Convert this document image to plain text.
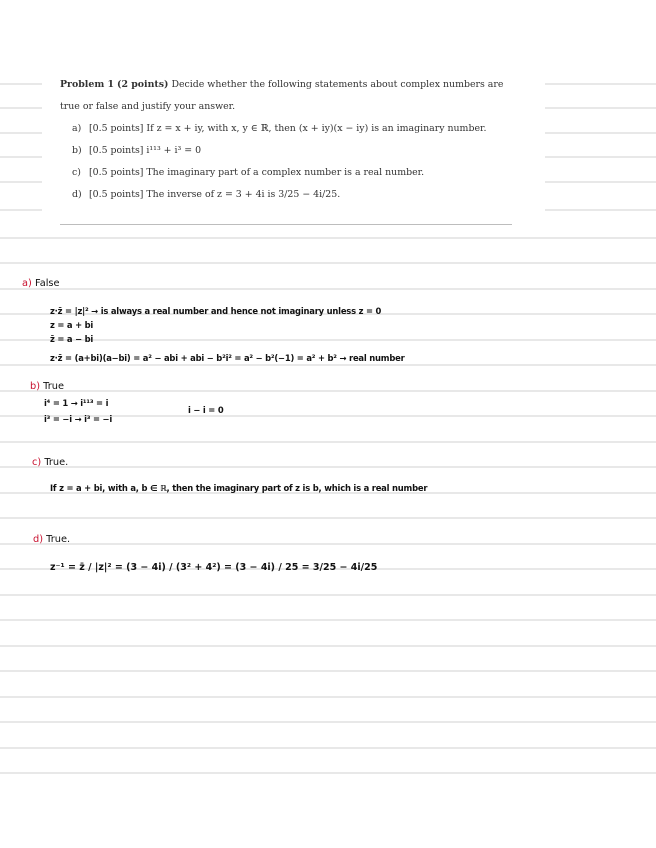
Problem 1 (2 points) Decide whether the following statements about complex numbers are
true or false and justify your answer.
a) [0.5 points] If z = x + iy, with x, y ∈ ℝ, then (x + iy)(x − iy) is an imaginary number.
b) [0.5 points] i¹¹³ + i³ = 0
c) [0.5 points] The imaginary part of a complex number is a real number.
d) [0.5 points] The inverse of z = 3 + 4i is 3/25 − 4i/25.
a) False
z·z̄ = |z|² → is always a real number and hence not imaginary unless z = 0
z = a + bi
z̄ = a − bi
z·z̄ = (a+bi)(a−bi) = a² − abi + abi − b²i² = a² − b²(−1) = a² + b² → real number
b) True
i⁴ = 1 → i¹¹³ = i
i³ = −i → i³ = −i
i − i = 0
c) True.
If z = a + bi, with a, b ∈ ℝ, then the imaginary part of z is b, which is a real number
d) True.
z⁻¹ = z̄ / |z|² = (3 − 4i) / (3² + 4²) = (3 − 4i) / 25 = 3/25 − 4i/25
